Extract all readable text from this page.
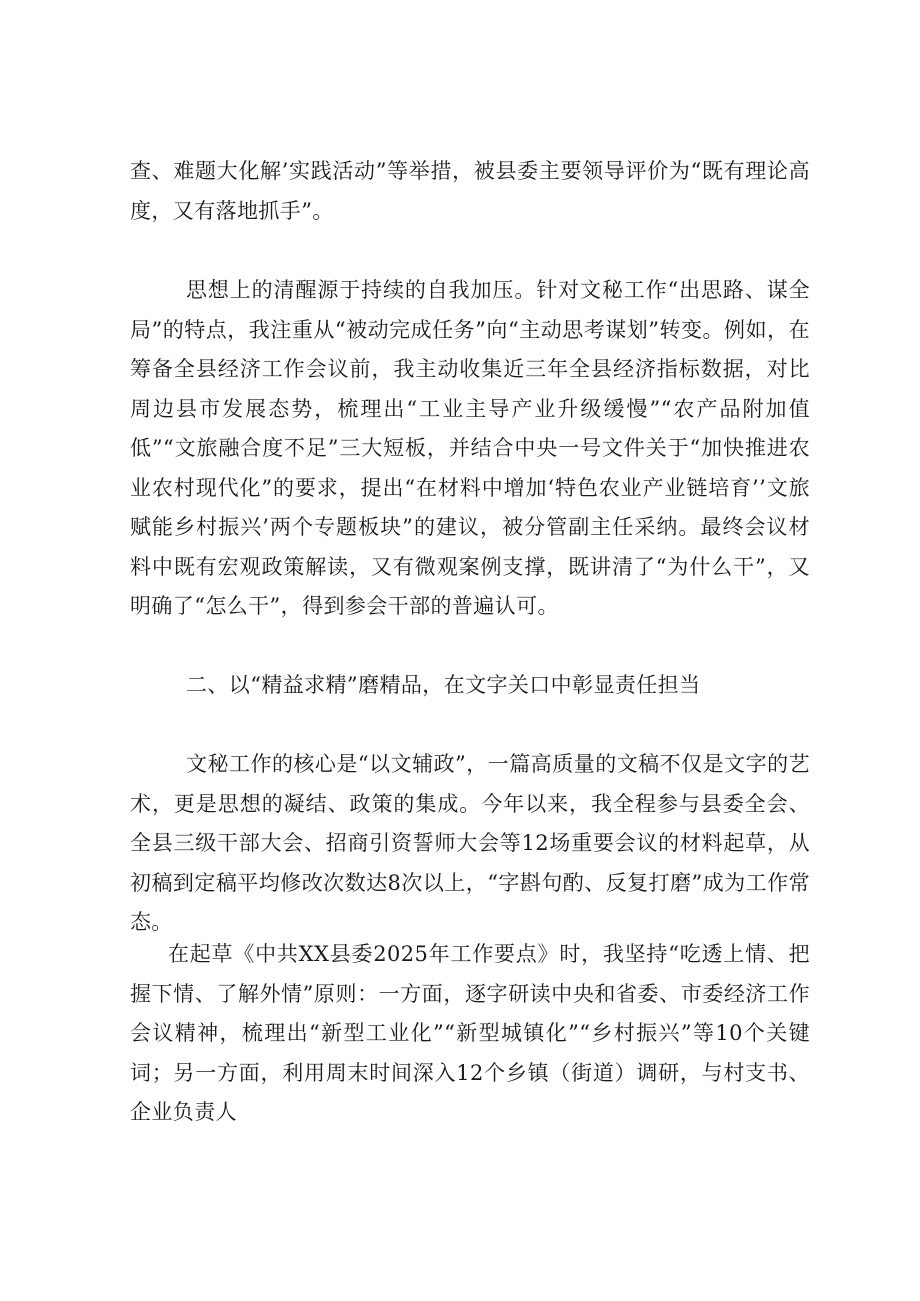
查、难题大化解’实践活动”等举措，被县委主要领导评价为“既有理论高度，又有落地抓手”。

思想上的清醒源于持续的自我加压。针对文秘工作“出思路、谋全局”的特点，我注重从“被动完成任务”向“主动思考谋划”转变。例如，在筹备全县经济工作会议前，我主动收集近三年全县经济指标数据，对比周边县市发展态势，梳理出“工业主导产业升级缓慢”“农产品附加值低”“文旅融合度不足”三大短板，并结合中央一号文件关于“加快推进农业农村现代化”的要求，提出“在材料中增加‘特色农业产业链培育’’文旅赋能乡村振兴’两个专题板块”的建议，被分管副主任采纳。最终会议材料中既有宏观政策解读，又有微观案例支撑，既讲清了“为什么干”，又明确了“怎么干”，得到参会干部的普遍认可。

二、以“精益求精”磨精品，在文字关口中彰显责任担当

文秘工作的核心是“以文辅政”，一篇高质量的文稿不仅是文字的艺术，更是思想的凝结、政策的集成。今年以来，我全程参与县委全会、全县三级干部大会、招商引资誓师大会等12场重要会议的材料起草，从初稿到定稿平均修改次数达8次以上，“字斟句酌、反复打磨”成为工作常态。

在起草《中共XX县委2025年工作要点》时，我坚持“吃透上情、把握下情、了解外情”原则：一方面，逐字研读中央和省委、市委经济工作会议精神，梳理出“新型工业化”“新型城镇化”“乡村振兴”等10个关键词；另一方面，利用周末时间深入12个乡镇（街道）调研，与村支书、企业负责人
